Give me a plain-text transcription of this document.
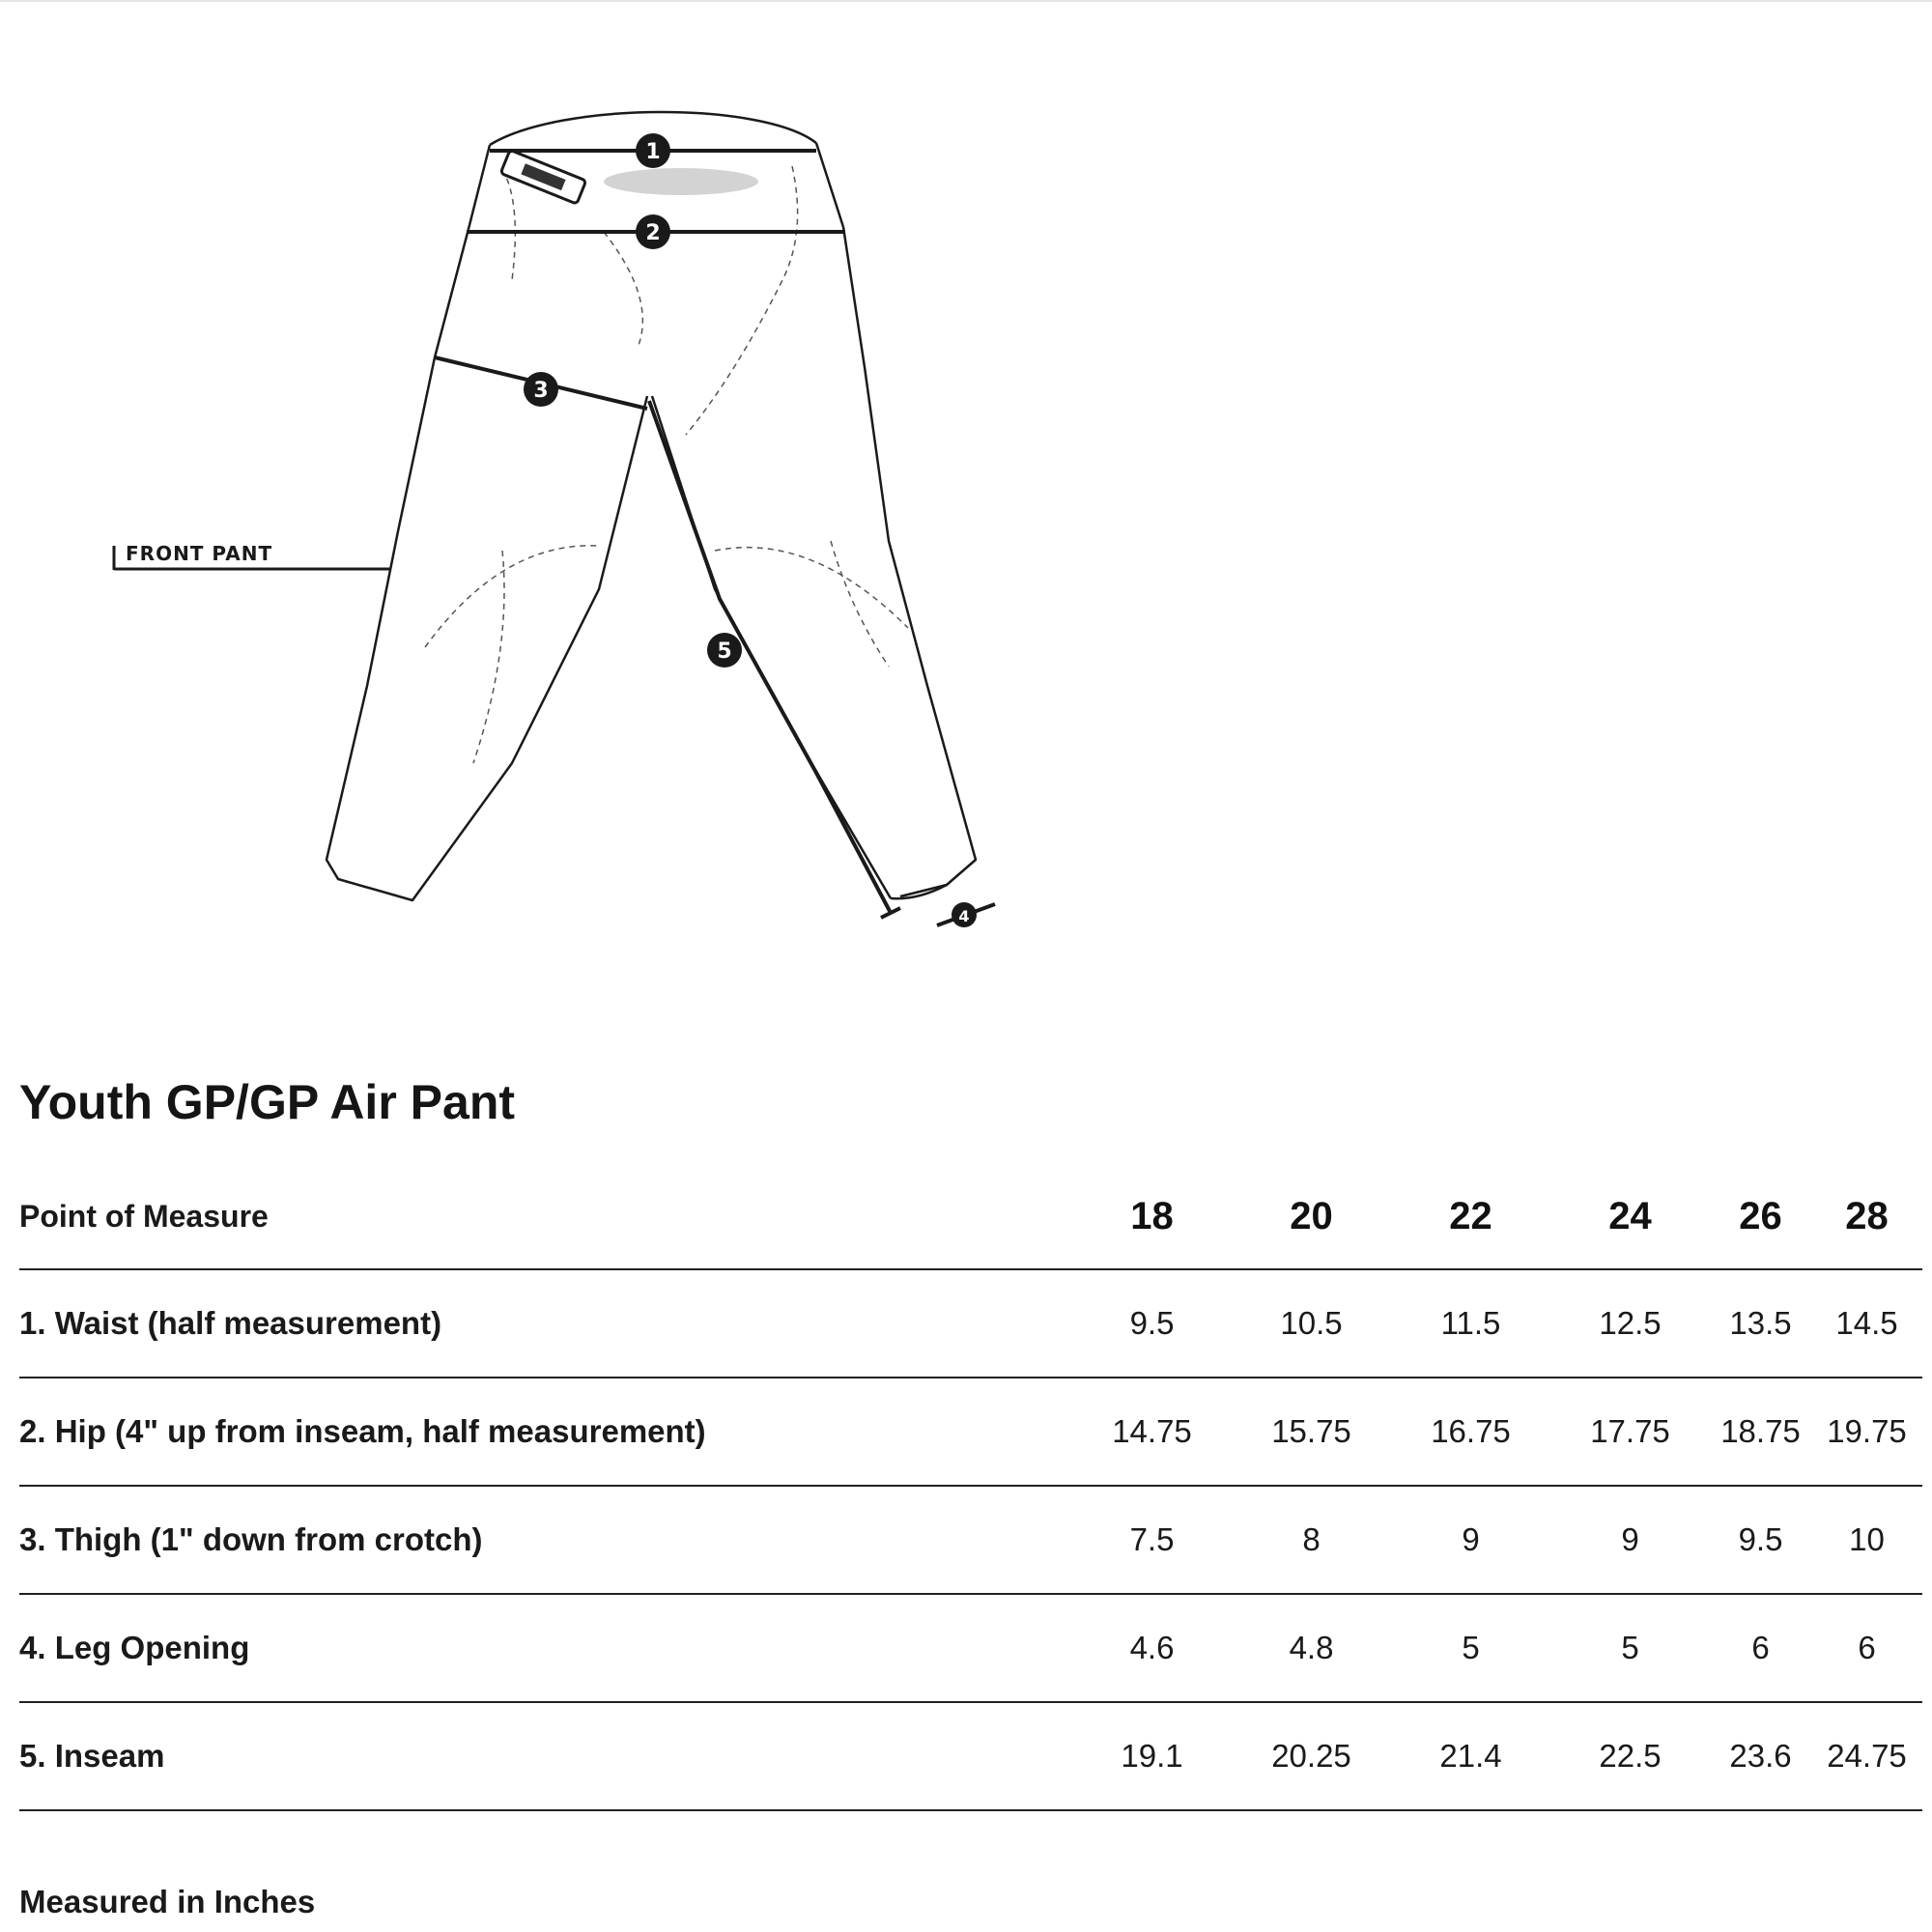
1
2
3
5
4
FRONT PANT
Youth GP/GP Air Pant
Point of Measure	18	20	22	24	26	28
1. Waist (half measurement)	9.5	10.5	11.5	12.5	13.5	14.5
2. Hip (4" up from inseam, half measurement)	14.75	15.75	16.75	17.75	18.75	19.75
3. Thigh (1" down from crotch)	7.5	8	9	9	9.5	10
4. Leg Opening	4.6	4.8	5	5	6	6
5. Inseam	19.1	20.25	21.4	22.5	23.6	24.75
Measured in Inches
